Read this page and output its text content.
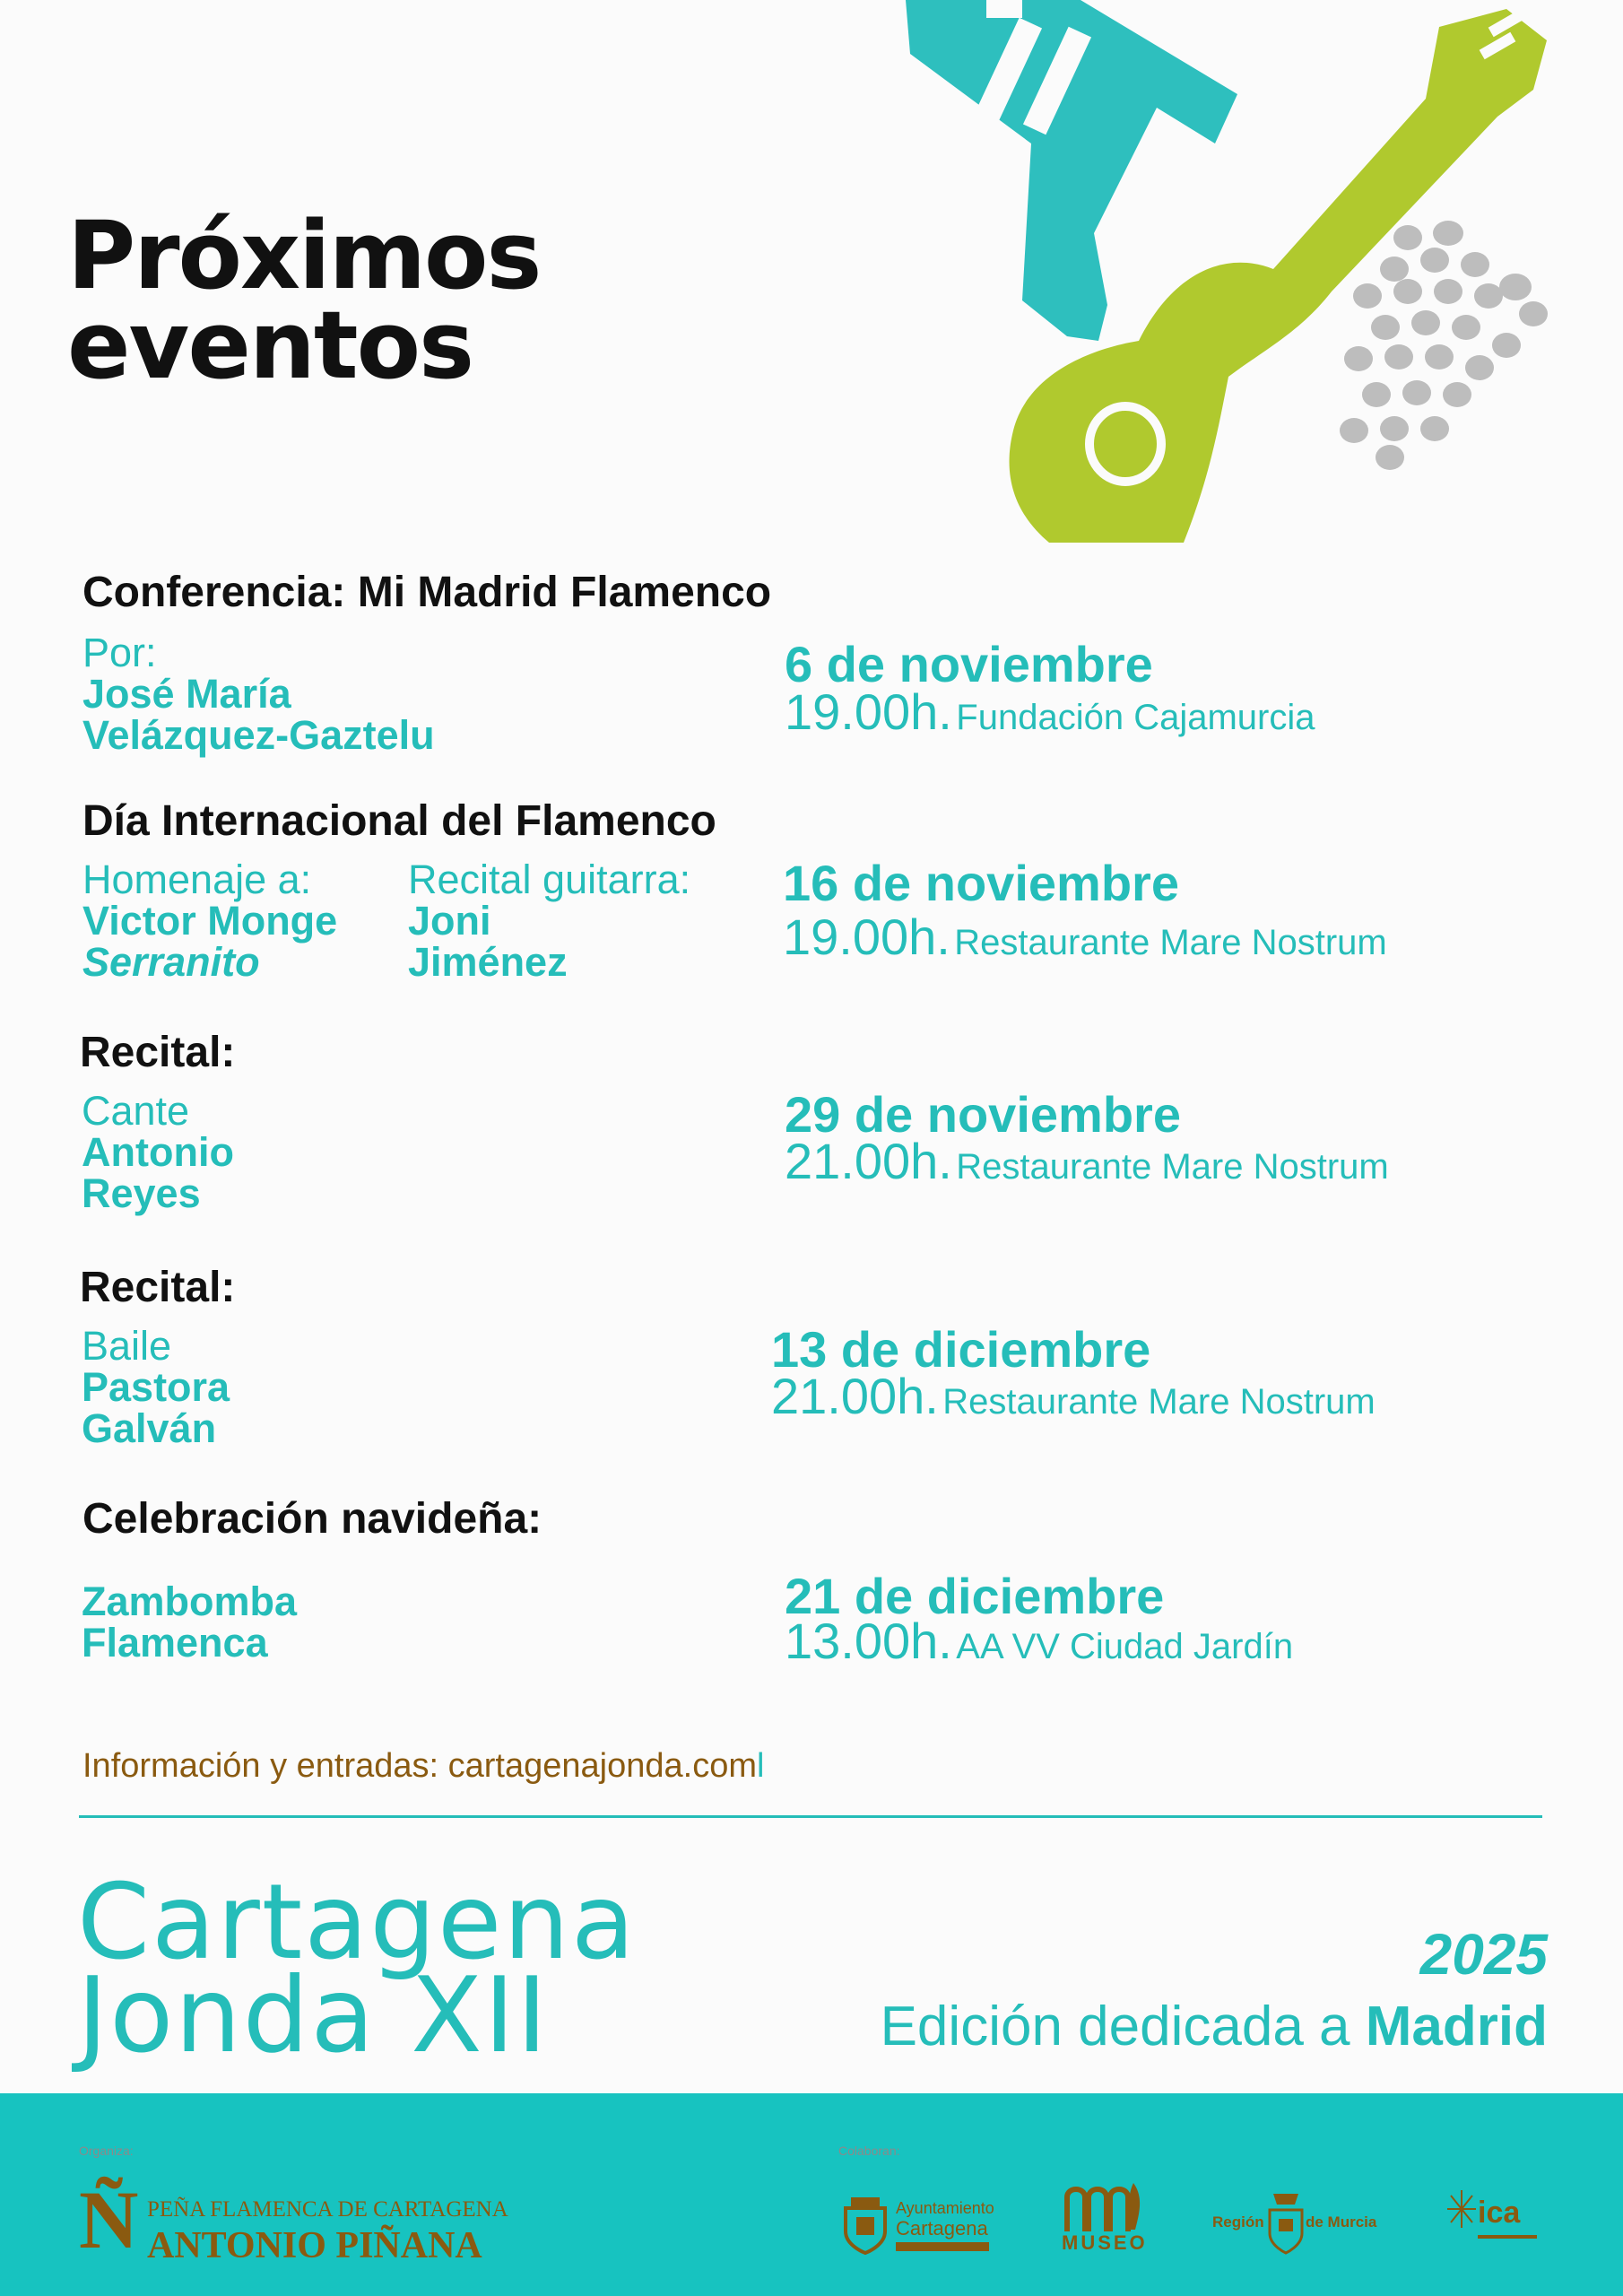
Próximos
eventos
Conferencia: Mi Madrid Flamenco
Por:
José María
Velázquez-Gaztelu
6 de noviembre
19.00h. Fundación Cajamurcia
Día Internacional del Flamenco
Homenaje a:
Victor Monge
Serranito
Recital guitarra:
Joni
Jiménez
16 de noviembre
19.00h. Restaurante Mare Nostrum
Recital:
Cante
Antonio
Reyes
29 de noviembre
21.00h. Restaurante Mare Nostrum
Recital:
Baile
Pastora
Galván
13 de diciembre
21.00h. Restaurante Mare Nostrum
Celebración navideña:
Zambomba
Flamenca
21 de diciembre
13.00h. AA VV Ciudad Jardín
Información y entradas: cartagenajonda.coml
Cartagena
Jonda XII
2025
Edición dedicada a Madrid
Organiza:	Colaboran:
Ñ PEÑA FLAMENCA DE CARTAGENA
ANTONIO PIÑANA
Ayuntamiento
Cartagena
MUSEO
Región	de Murcia	ica
